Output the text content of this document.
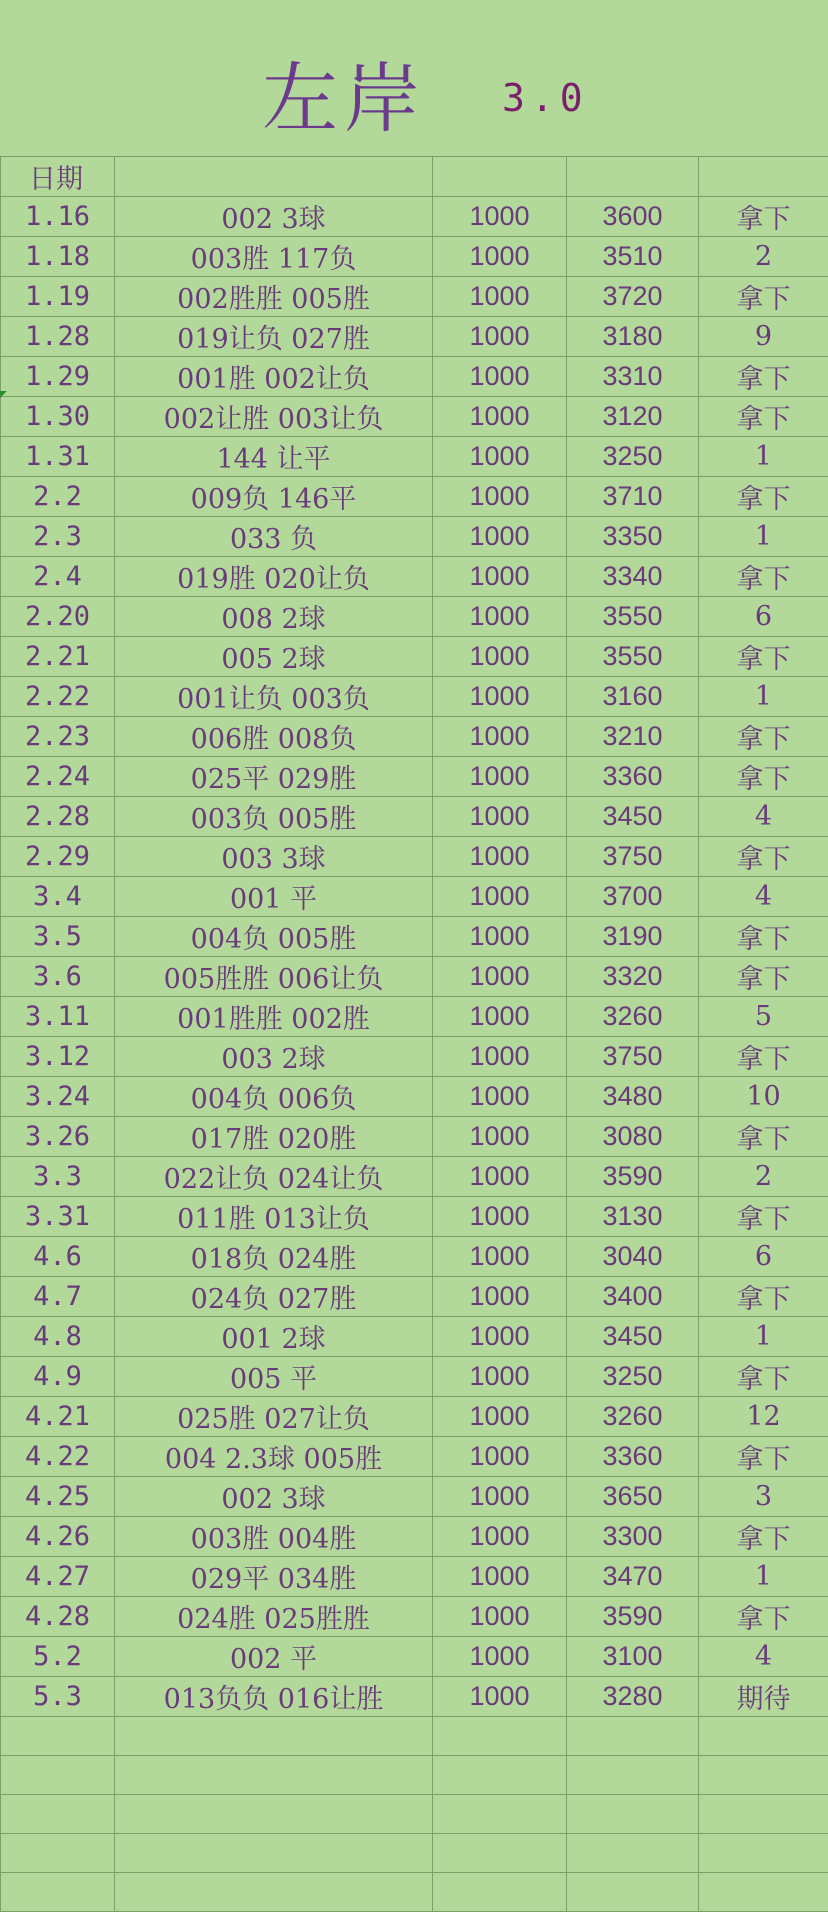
左岸 3.0
日期				
1.16	002 3球	1000	3600	拿下
1.18	003胜 117负	1000	3510	2
1.19	002胜胜 005胜	1000	3720	拿下
1.28	019让负 027胜	1000	3180	9
1.29	001胜 002让负	1000	3310	拿下
1.30	002让胜 003让负	1000	3120	拿下
1.31	144 让平	1000	3250	1
2.2	009负 146平	1000	3710	拿下
2.3	033 负	1000	3350	1
2.4	019胜 020让负	1000	3340	拿下
2.20	008 2球	1000	3550	6
2.21	005 2球	1000	3550	拿下
2.22	001让负 003负	1000	3160	1
2.23	006胜 008负	1000	3210	拿下
2.24	025平 029胜	1000	3360	拿下
2.28	003负 005胜	1000	3450	4
2.29	003 3球	1000	3750	拿下
3.4	001 平	1000	3700	4
3.5	004负 005胜	1000	3190	拿下
3.6	005胜胜 006让负	1000	3320	拿下
3.11	001胜胜 002胜	1000	3260	5
3.12	003 2球	1000	3750	拿下
3.24	004负 006负	1000	3480	10
3.26	017胜 020胜	1000	3080	拿下
3.3	022让负 024让负	1000	3590	2
3.31	011胜 013让负	1000	3130	拿下
4.6	018负 024胜	1000	3040	6
4.7	024负 027胜	1000	3400	拿下
4.8	001 2球	1000	3450	1
4.9	005 平	1000	3250	拿下
4.21	025胜 027让负	1000	3260	12
4.22	004 2.3球 005胜	1000	3360	拿下
4.25	002 3球	1000	3650	3
4.26	003胜 004胜	1000	3300	拿下
4.27	029平 034胜	1000	3470	1
4.28	024胜 025胜胜	1000	3590	拿下
5.2	002 平	1000	3100	4
5.3	013负负 016让胜	1000	3280	期待
